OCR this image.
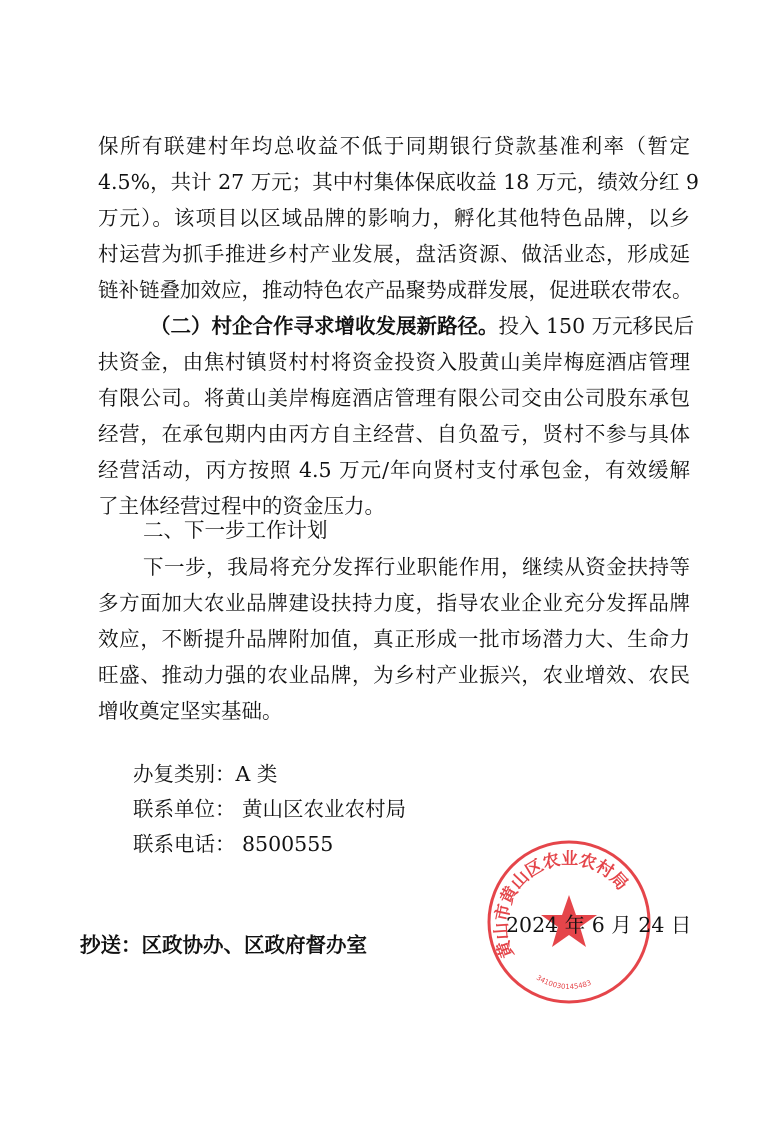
保所有联建村年均总收益不低于同期银行贷款基准利率（暂定
4.5%，共计 27 万元；其中村集体保底收益 18 万元，绩效分红 9
万元）。该项目以区域品牌的影响力，孵化其他特色品牌，以乡
村运营为抓手推进乡村产业发展，盘活资源、做活业态，形成延
链补链叠加效应，推动特色农产品聚势成群发展，促进联农带农。
（二）村企合作寻求增收发展新路径。投入 150 万元移民后
扶资金，由焦村镇贤村村将资金投资入股黄山美岸梅庭酒店管理
有限公司。将黄山美岸梅庭酒店管理有限公司交由公司股东承包
经营，在承包期内由丙方自主经营、自负盈亏，贤村不参与具体
经营活动，丙方按照 4.5 万元/年向贤村支付承包金，有效缓解
了主体经营过程中的资金压力。
二、下一步工作计划
下一步，我局将充分发挥行业职能作用，继续从资金扶持等
多方面加大农业品牌建设扶持力度，指导农业企业充分发挥品牌
效应，不断提升品牌附加值，真正形成一批市场潜力大、生命力
旺盛、推动力强的农业品牌，为乡村产业振兴，农业增效、农民
增收奠定坚实基础。
办复类别：A 类
联系单位： 黄山区农业农村局
联系电话： 8500555
黄山市黄山区农业农村局
3410030145483
2024 年 6 月 24 日
抄送：区政协办、区政府督办室
